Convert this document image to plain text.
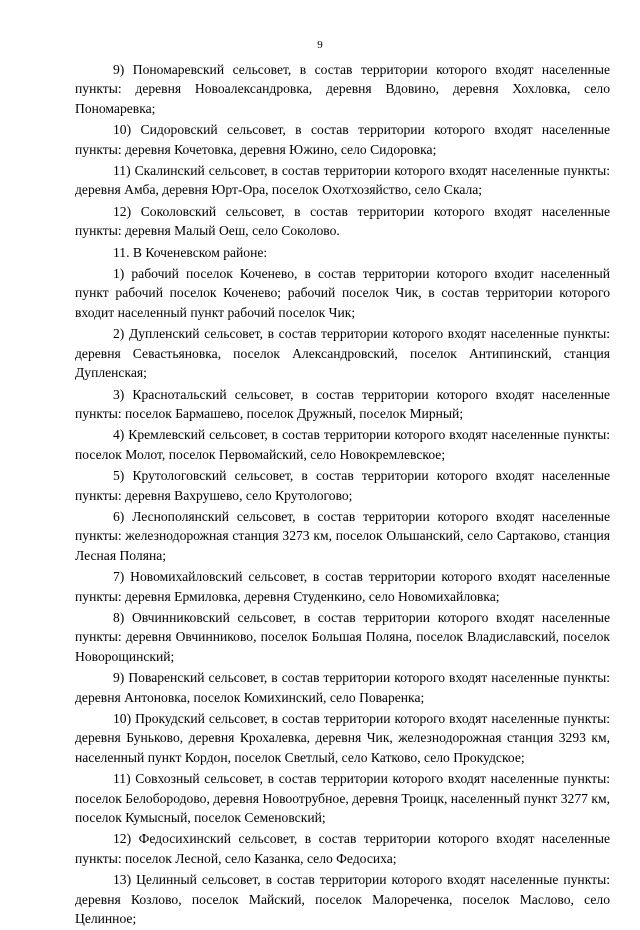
9

9) Пономаревский сельсовет, в состав территории которого входят населенные пункты: деревня Новоалександровка, деревня Вдовино, деревня Хохловка, село Пономаревка;

10) Сидоровский сельсовет, в состав территории которого входят населенные пункты: деревня Кочетовка, деревня Южино, село Сидоровка;

11) Скалинский сельсовет, в состав территории которого входят населенные пункты: деревня Амба, деревня Юрт-Ора, поселок Охотхозяйство, село Скала;

12) Соколовский сельсовет, в состав территории которого входят населенные пункты: деревня Малый Оеш, село Соколово.

11. В Коченевском районе:

1) рабочий поселок Коченево, в состав территории которого входит населенный пункт рабочий поселок Коченево; рабочий поселок Чик, в состав территории которого входит населенный пункт рабочий поселок Чик;

2) Дупленский сельсовет, в состав территории которого входят населенные пункты: деревня Севастьяновка, поселок Александровский, поселок Антипинский, станция Дупленская;

3) Краснотальский сельсовет, в состав территории которого входят населенные пункты: поселок Бармашево, поселок Дружный, поселок Мирный;

4) Кремлевский сельсовет, в состав территории которого входят населенные пункты: поселок Молот, поселок Первомайский, село Новокремлевское;

5) Крутологовский сельсовет, в состав территории которого входят населенные пункты: деревня Вахрушево, село Крутологово;

6) Леснополянский сельсовет, в состав территории которого входят населенные пункты: железнодорожная станция 3273 км, поселок Ольшанский, село Сартаково, станция Лесная Поляна;

7) Новомихайловский сельсовет, в состав территории которого входят населенные пункты: деревня Ермиловка, деревня Студенкино, село Новомихайловка;

8) Овчинниковский сельсовет, в состав территории которого входят населенные пункты: деревня Овчинниково, поселок Большая Поляна, поселок Владиславский, поселок Новорощинский;

9) Поваренский сельсовет, в состав территории которого входят населенные пункты: деревня Антоновка, поселок Комихинский, село Поваренка;

10) Прокудский сельсовет, в состав территории которого входят населенные пункты: деревня Буньково, деревня Крохалевка, деревня Чик, железнодорожная станция 3293 км, населенный пункт Кордон, поселок Светлый, село Катково, село Прокудское;

11) Совхозный сельсовет, в состав территории которого входят населенные пункты: поселок Белобородово, деревня Новоотрубное, деревня Троицк, населенный пункт 3277 км, поселок Кумысный, поселок Семеновский;

12) Федосихинский сельсовет, в состав территории которого входят населенные пункты: поселок Лесной, село Казанка, село Федосиха;

13) Целинный сельсовет, в состав территории которого входят населенные пункты: деревня Козлово, поселок Майский, поселок Малореченка, поселок Маслово, село Целинное;
